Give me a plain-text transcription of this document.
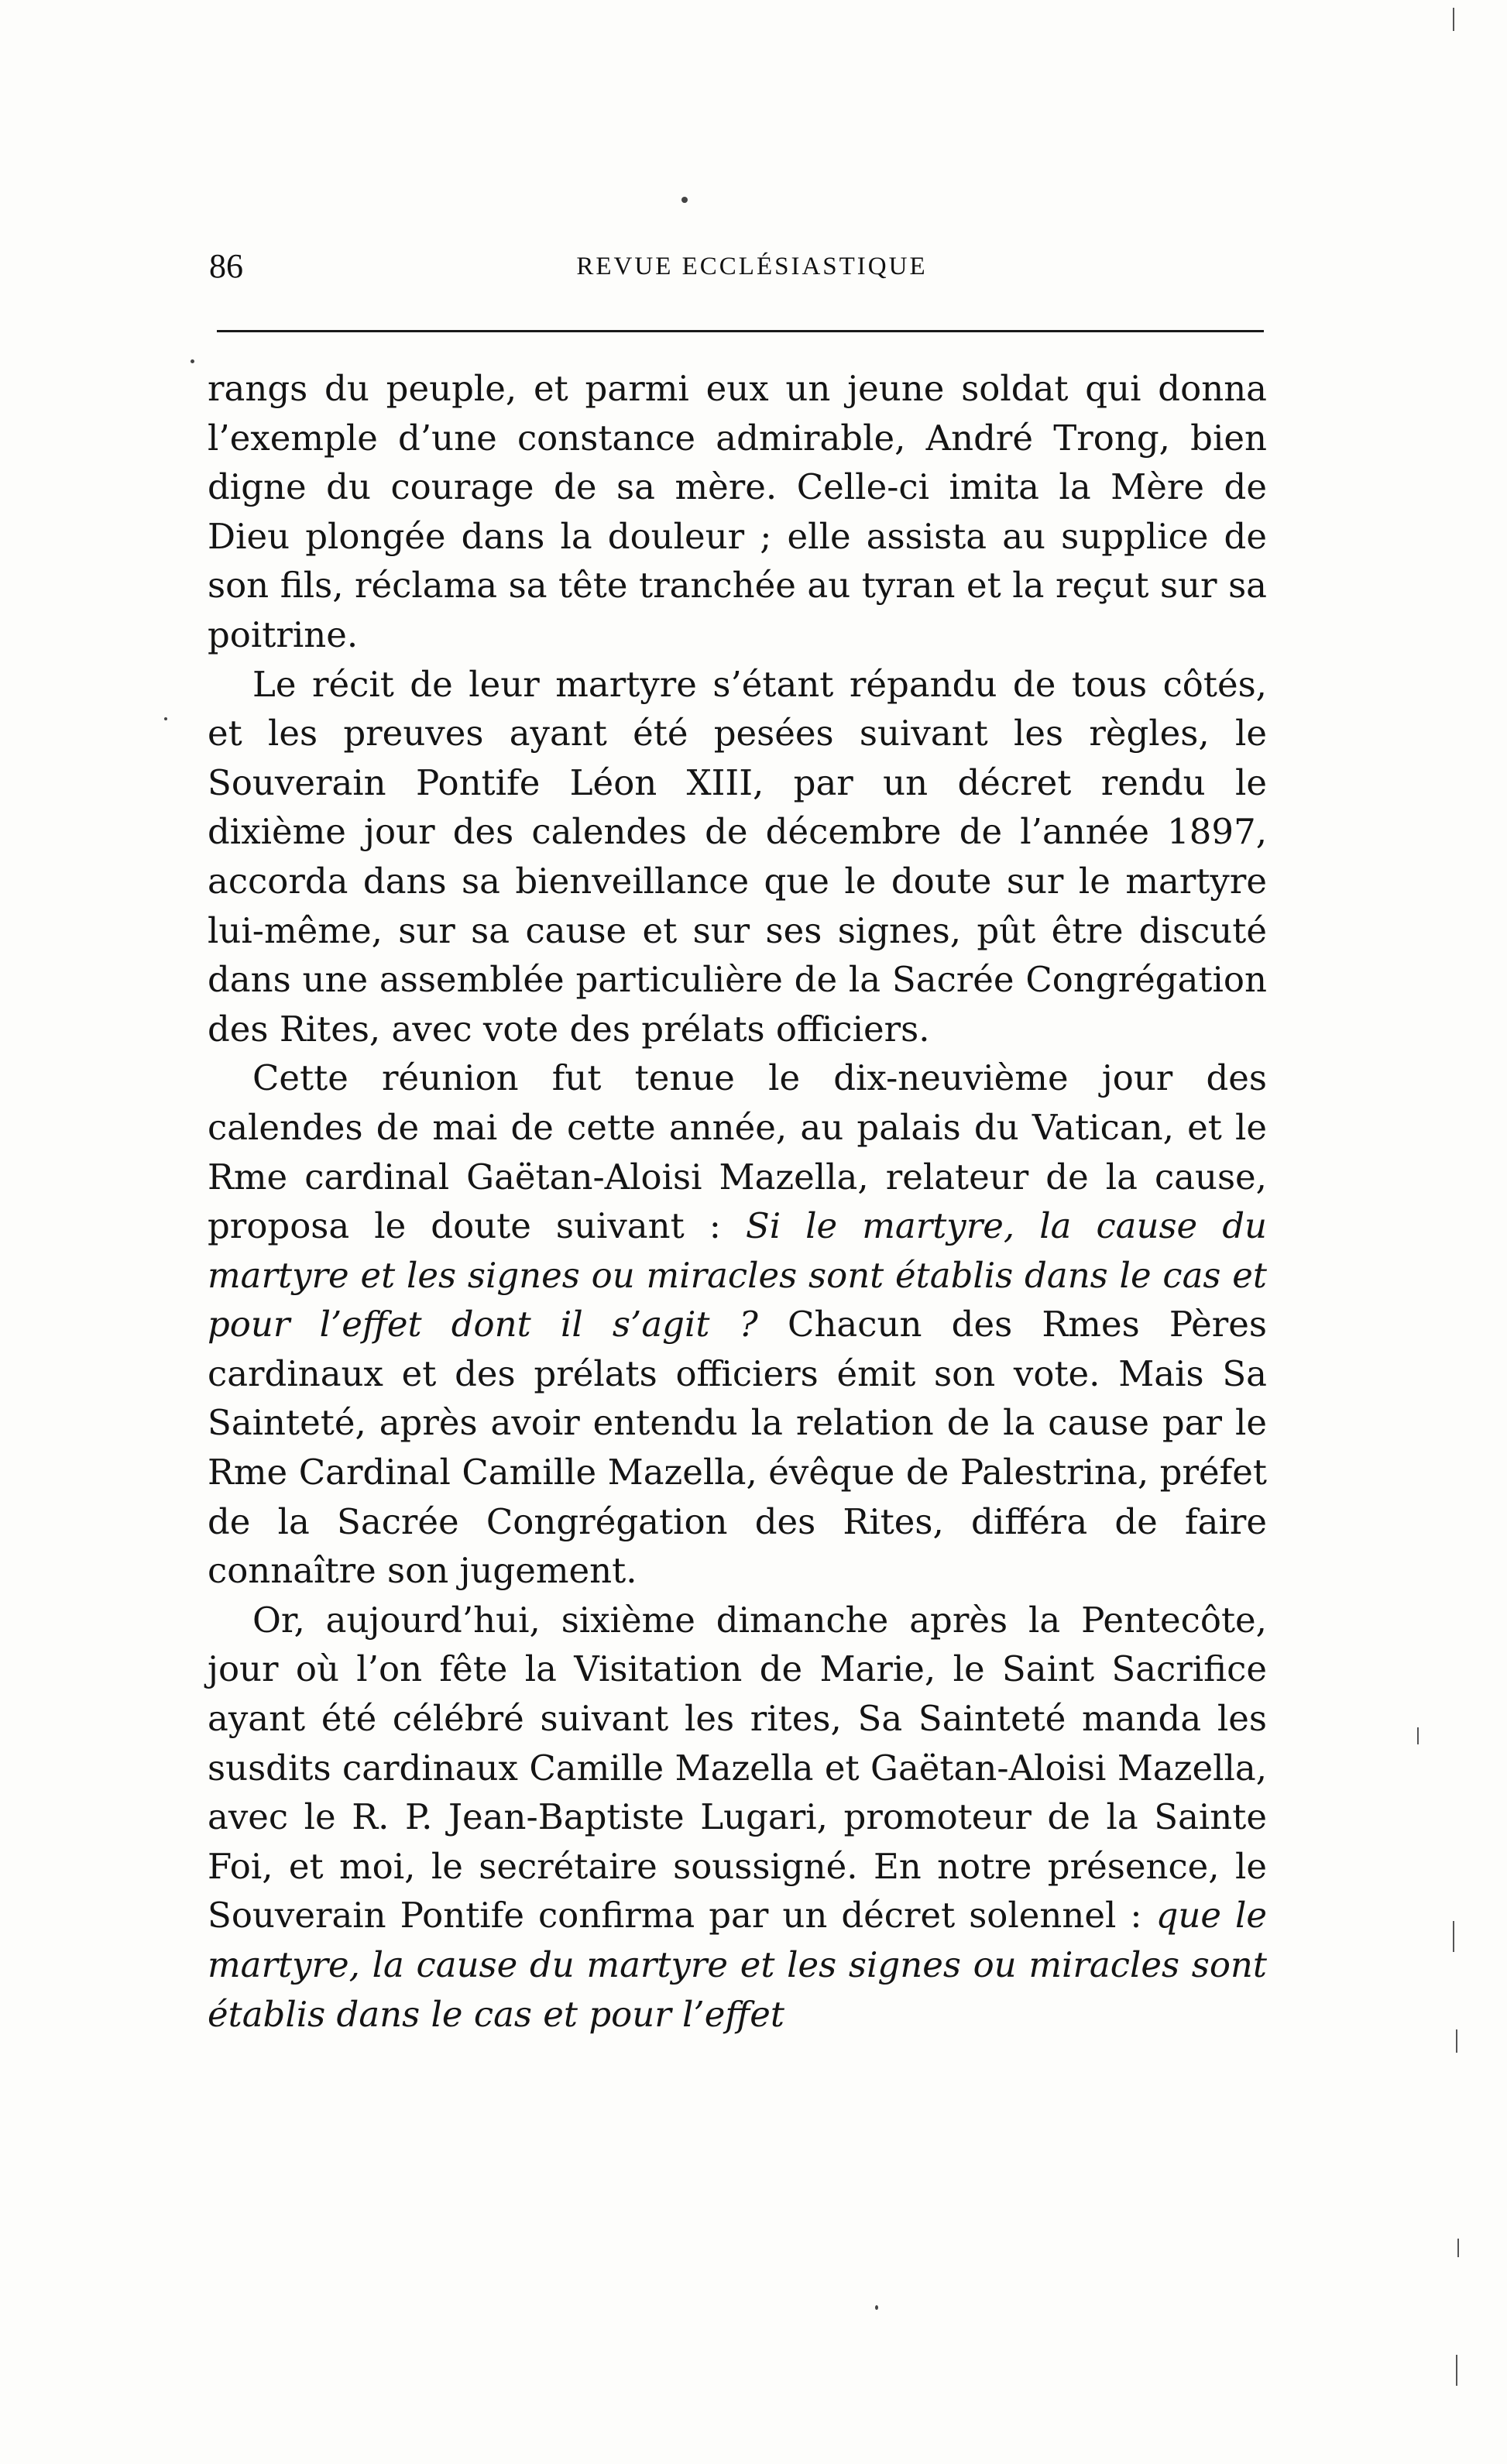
86	REVUE ECCLÉSIASTIQUE

rangs du peuple, et parmi eux un jeune soldat qui donna l’exemple d’une constance admirable, André Trong, bien digne du courage de sa mère. Celle-ci imita la Mère de Dieu plongée dans la douleur ; elle assista au supplice de son fils, réclama sa tête tranchée au tyran et la reçut sur sa poitrine.

Le récit de leur martyre s’étant répandu de tous côtés, et les preuves ayant été pesées suivant les règles, le Souverain Pontife Léon XIII, par un décret rendu le dixième jour des calendes de décembre de l’année 1897, accorda dans sa bienveillance que le doute sur le martyre lui-même, sur sa cause et sur ses signes, pût être discuté dans une assemblée particulière de la Sacrée Congrégation des Rites, avec vote des prélats officiers.

Cette réunion fut tenue le dix-neuvième jour des calendes de mai de cette année, au palais du Vatican, et le Rme cardinal Gaëtan-Aloisi Mazella, relateur de la cause, proposa le doute suivant : Si le martyre, la cause du martyre et les signes ou miracles sont établis dans le cas et pour l’effet dont il s’agit ? Chacun des Rmes Pères cardinaux et des prélats officiers émit son vote. Mais Sa Sainteté, après avoir entendu la relation de la cause par le Rme Cardinal Camille Mazella, évêque de Palestrina, préfet de la Sacrée Congrégation des Rites, différa de faire connaître son jugement.

Or, aujourd’hui, sixième dimanche après la Pentecôte, jour où l’on fête la Visitation de Marie, le Saint Sacrifice ayant été célébré suivant les rites, Sa Sainteté manda les susdits cardinaux Camille Mazella et Gaëtan-Aloisi Mazella, avec le R. P. Jean-Baptiste Lugari, promoteur de la Sainte Foi, et moi, le secrétaire soussigné. En notre présence, le Souverain Pontife confirma par un décret solennel : que le martyre, la cause du martyre et les signes ou miracles sont établis dans le cas et pour l’effet
